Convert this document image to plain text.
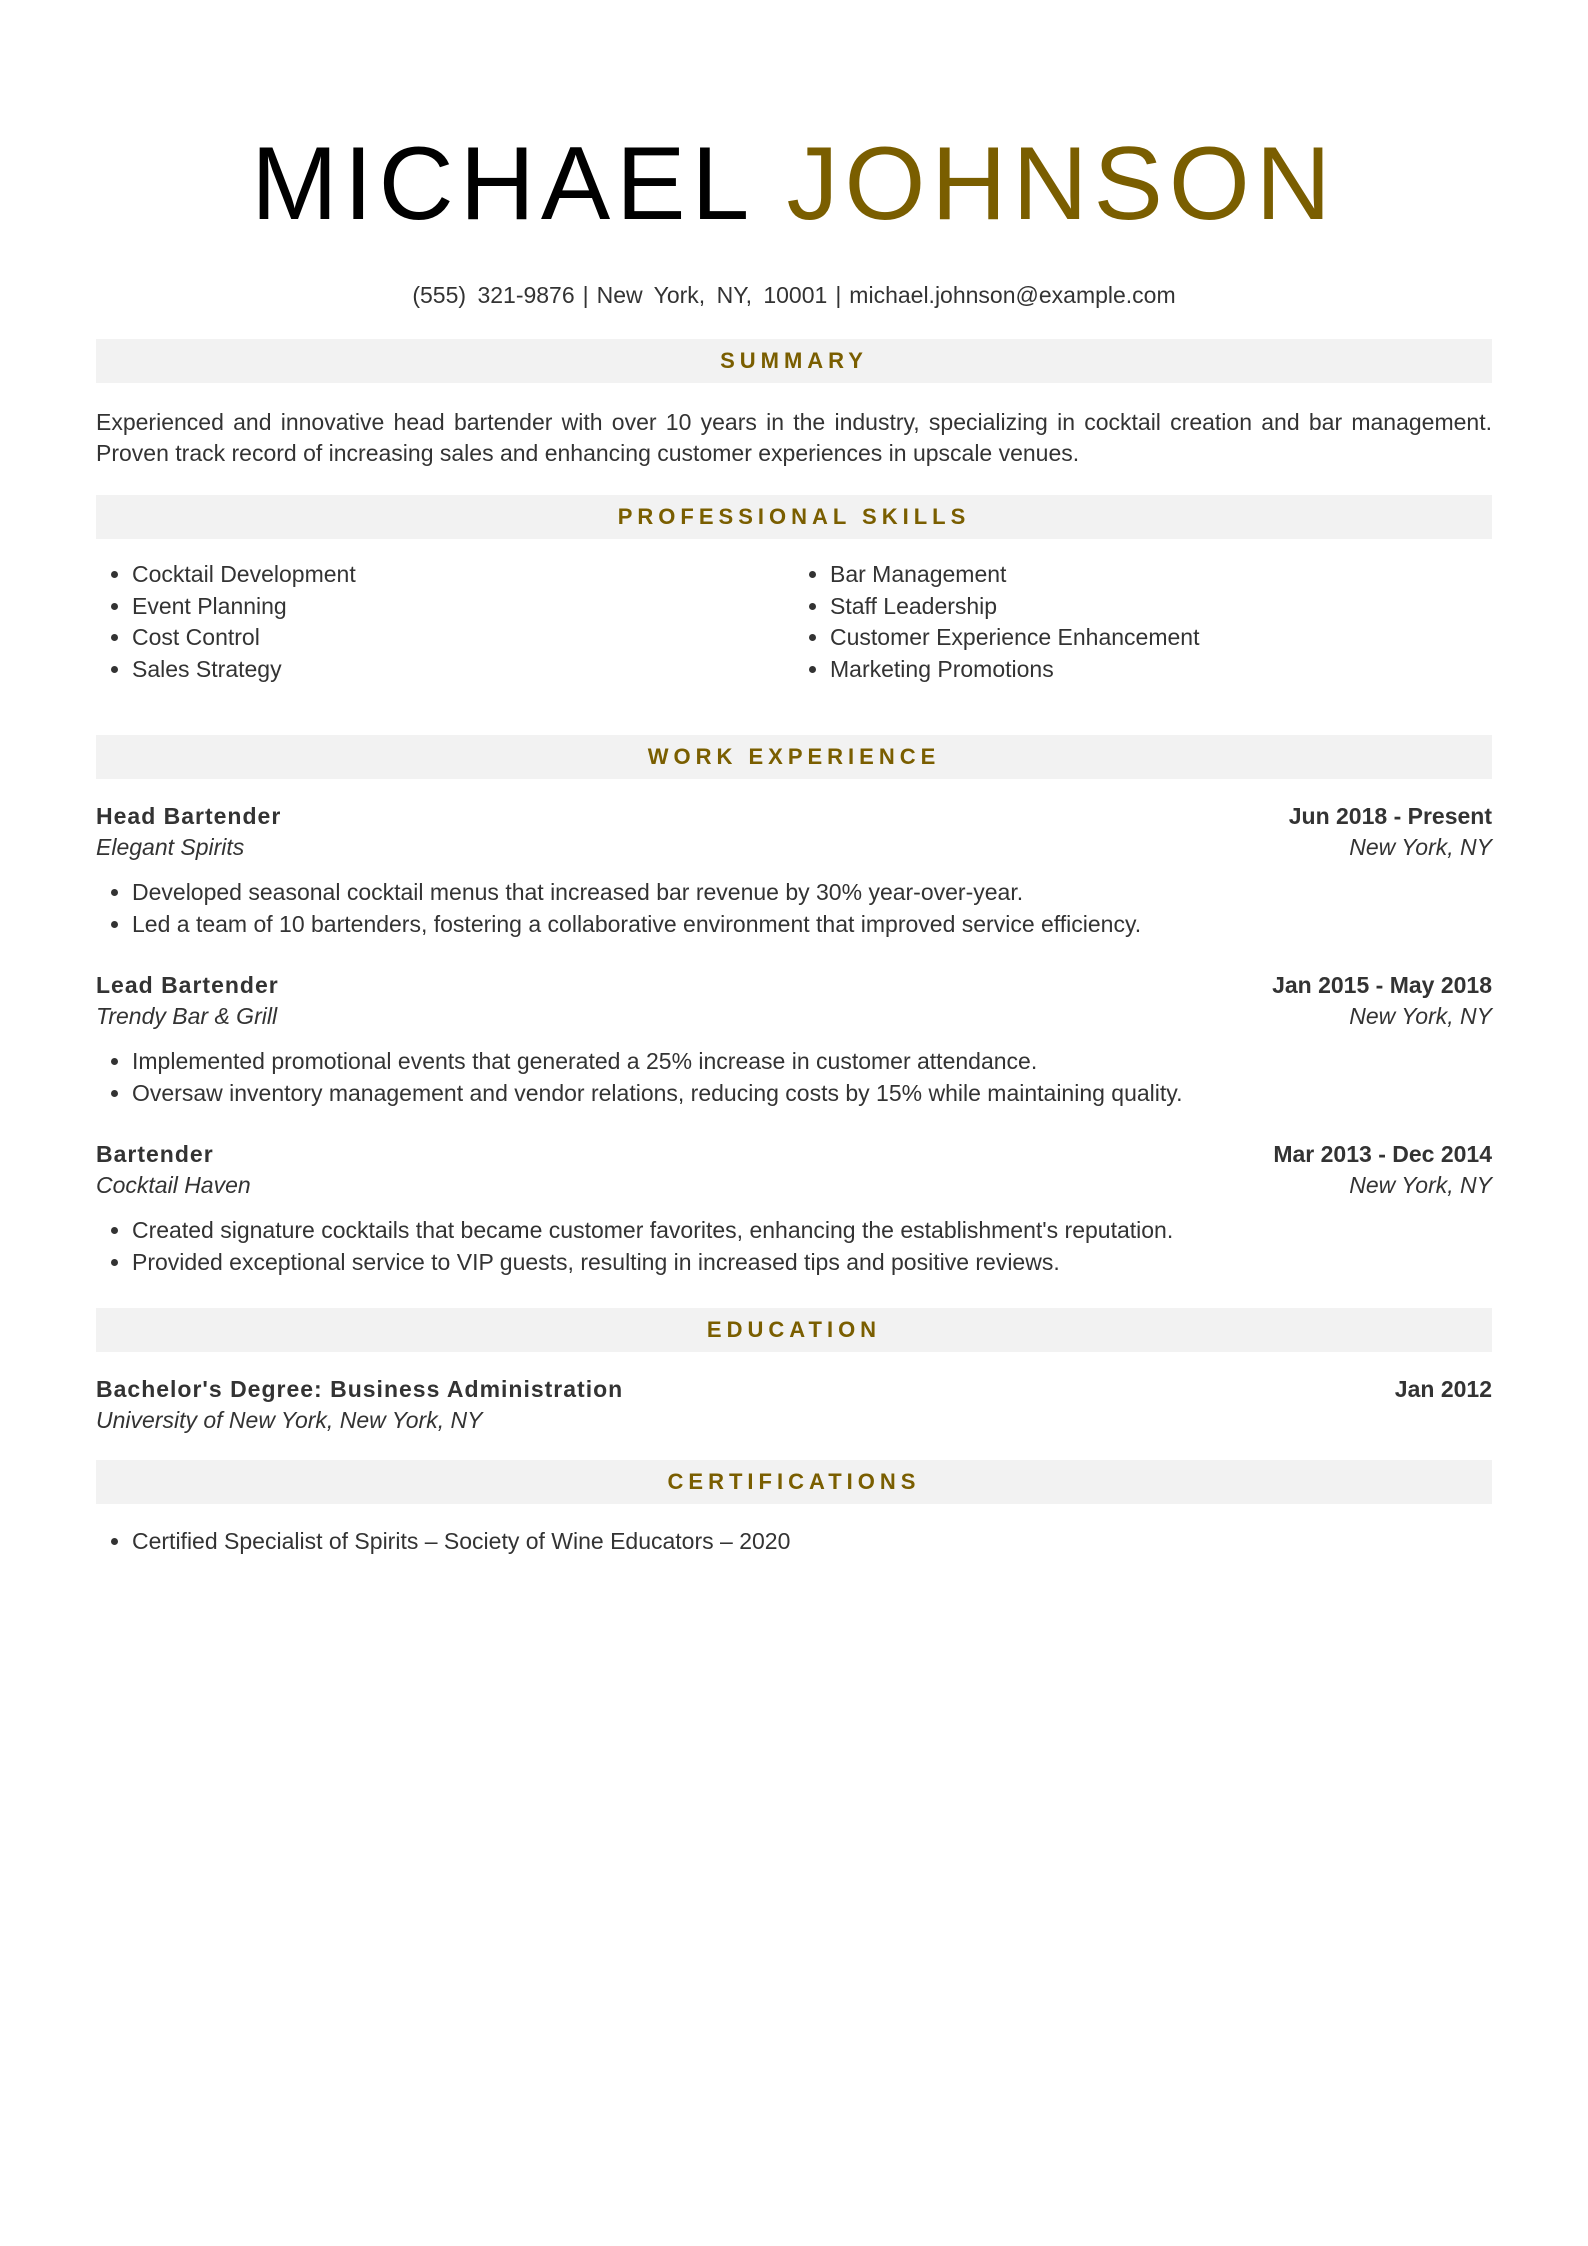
MICHAEL JOHNSON
(555) 321-9876 | New York, NY, 10001 | michael.johnson@example.com
SUMMARY

Experienced and innovative head bartender with over 10 years in the industry, specializing in cocktail creation and bar management. Proven track record of increasing sales and enhancing customer experiences in upscale venues.

PROFESSIONAL SKILLS
• Cocktail Development
• Event Planning
• Cost Control
• Sales Strategy
• Bar Management
• Staff Leadership
• Customer Experience Enhancement
• Marketing Promotions
WORK EXPERIENCE
Head Bartender	Jun 2018 - Present
Elegant Spirits	New York, NY
• Developed seasonal cocktail menus that increased bar revenue by 30% year-over-year.
• Led a team of 10 bartenders, fostering a collaborative environment that improved service efficiency.
Lead Bartender	Jan 2015 - May 2018
Trendy Bar & Grill	New York, NY
• Implemented promotional events that generated a 25% increase in customer attendance.
• Oversaw inventory management and vendor relations, reducing costs by 15% while maintaining quality.
Bartender	Mar 2013 - Dec 2014
Cocktail Haven	New York, NY
• Created signature cocktails that became customer favorites, enhancing the establishment's reputation.
• Provided exceptional service to VIP guests, resulting in increased tips and positive reviews.
EDUCATION
Bachelor's Degree: Business Administration	Jan 2012
University of New York, New York, NY
CERTIFICATIONS
• Certified Specialist of Spirits – Society of Wine Educators – 2020
